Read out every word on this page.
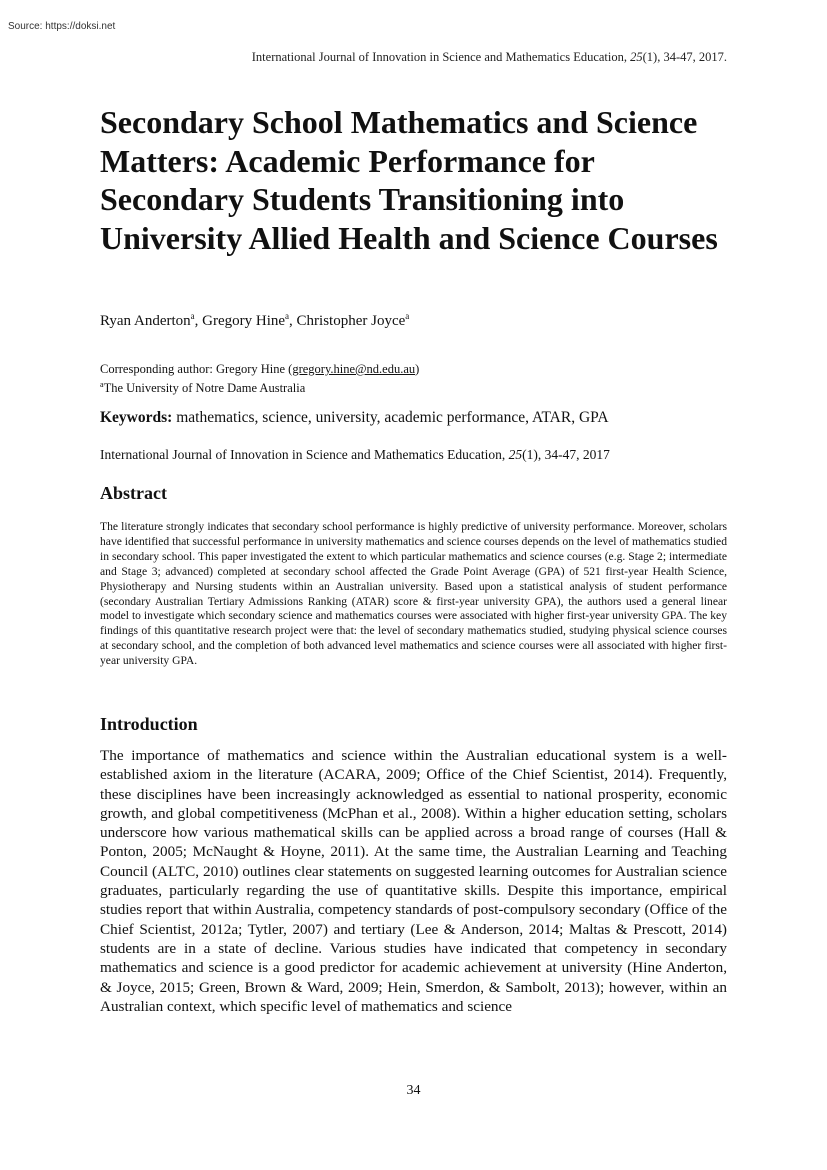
Source: https://doksi.net
International Journal of Innovation in Science and Mathematics Education, 25(1), 34-47, 2017.
Secondary School Mathematics and Science Matters: Academic Performance for Secondary Students Transitioning into University Allied Health and Science Courses
Ryan Anderton$^a$, Gregory Hine$^a$, Christopher Joyce$^a$
Corresponding author: Gregory Hine (gregory.hine@nd.edu.au)
$^a$The University of Notre Dame Australia
Keywords: mathematics, science, university, academic performance, ATAR, GPA
International Journal of Innovation in Science and Mathematics Education, 25(1), 34-47, 2017
Abstract
The literature strongly indicates that secondary school performance is highly predictive of university performance. Moreover, scholars have identified that successful performance in university mathematics and science courses depends on the level of mathematics studied in secondary school. This paper investigated the extent to which particular mathematics and science courses (e.g. Stage 2; intermediate and Stage 3; advanced) completed at secondary school affected the Grade Point Average (GPA) of 521 first-year Health Science, Physiotherapy and Nursing students within an Australian university. Based upon a statistical analysis of student performance (secondary Australian Tertiary Admissions Ranking (ATAR) score & first-year university GPA), the authors used a general linear model to investigate which secondary science and mathematics courses were associated with higher first-year university GPA. The key findings of this quantitative research project were that: the level of secondary mathematics studied, studying physical science courses at secondary school, and the completion of both advanced level mathematics and science courses were all associated with higher first-year university GPA.
Introduction
The importance of mathematics and science within the Australian educational system is a well-established axiom in the literature (ACARA, 2009; Office of the Chief Scientist, 2014). Frequently, these disciplines have been increasingly acknowledged as essential to national prosperity, economic growth, and global competitiveness (McPhan et al., 2008). Within a higher education setting, scholars underscore how various mathematical skills can be applied across a broad range of courses (Hall & Ponton, 2005; McNaught & Hoyne, 2011). At the same time, the Australian Learning and Teaching Council (ALTC, 2010) outlines clear statements on suggested learning outcomes for Australian science graduates, particularly regarding the use of quantitative skills. Despite this importance, empirical studies report that within Australia, competency standards of post-compulsory secondary (Office of the Chief Scientist, 2012a; Tytler, 2007) and tertiary (Lee & Anderson, 2014; Maltas & Prescott, 2014) students are in a state of decline. Various studies have indicated that competency in secondary mathematics and science is a good predictor for academic achievement at university (Hine Anderton, & Joyce, 2015; Green, Brown & Ward, 2009; Hein, Smerdon, & Sambolt, 2013); however, within an Australian context, which specific level of mathematics and science
34
